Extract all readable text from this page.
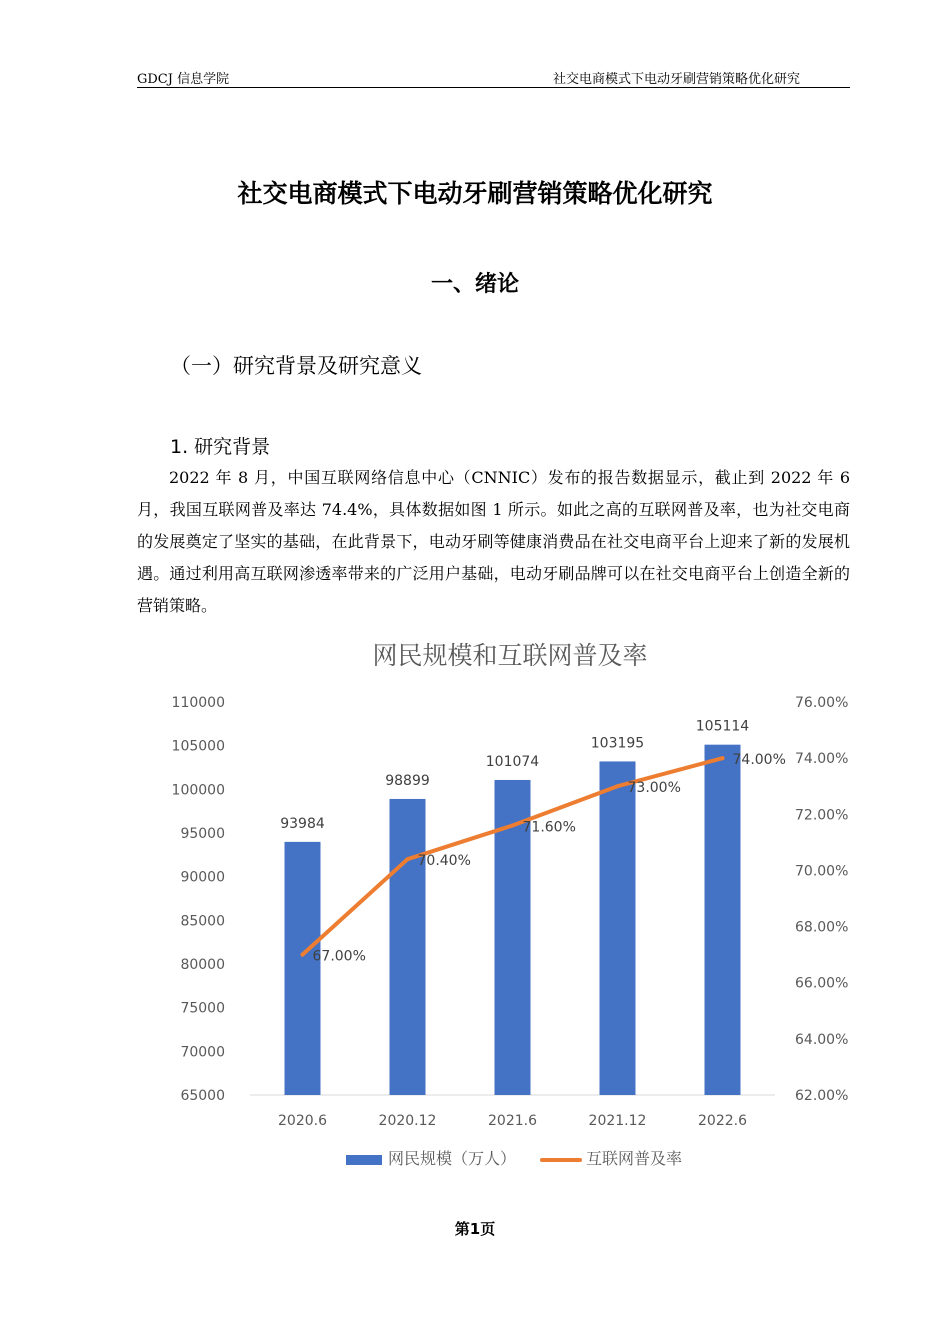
GDCJ 信息学院	社交电商模式下电动牙刷营销策略优化研究
社交电商模式下电动牙刷营销策略优化研究
一、绪论
（一）研究背景及研究意义
1. 研究背景
2022 年 8 月，中国互联网络信息中心（CNNIC）发布的报告数据显示，截止到 2022 年 6 月，我国互联网普及率达 74.4%，具体数据如图 1 所示。如此之高的互联网普及率，也为社交电商的发展奠定了坚实的基础，在此背景下，电动牙刷等健康消费品在社交电商平台上迎来了新的发展机遇。通过利用高互联网渗透率带来的广泛用户基础，电动牙刷品牌可以在社交电商平台上创造全新的营销策略。
网民规模和互联网普及率
110000
105000
100000
95000
90000
85000
80000
75000
70000
65000
76.00%
74.00%
72.00%
70.00%
68.00%
66.00%
64.00%
62.00%
93984
98899
101074
103195
105114
2020.6	2020.12	2021.6	2021.12	2022.6
67.00%
70.40%
71.60%
73.00%
74.00%
网民规模（万人）	互联网普及率
第1页
